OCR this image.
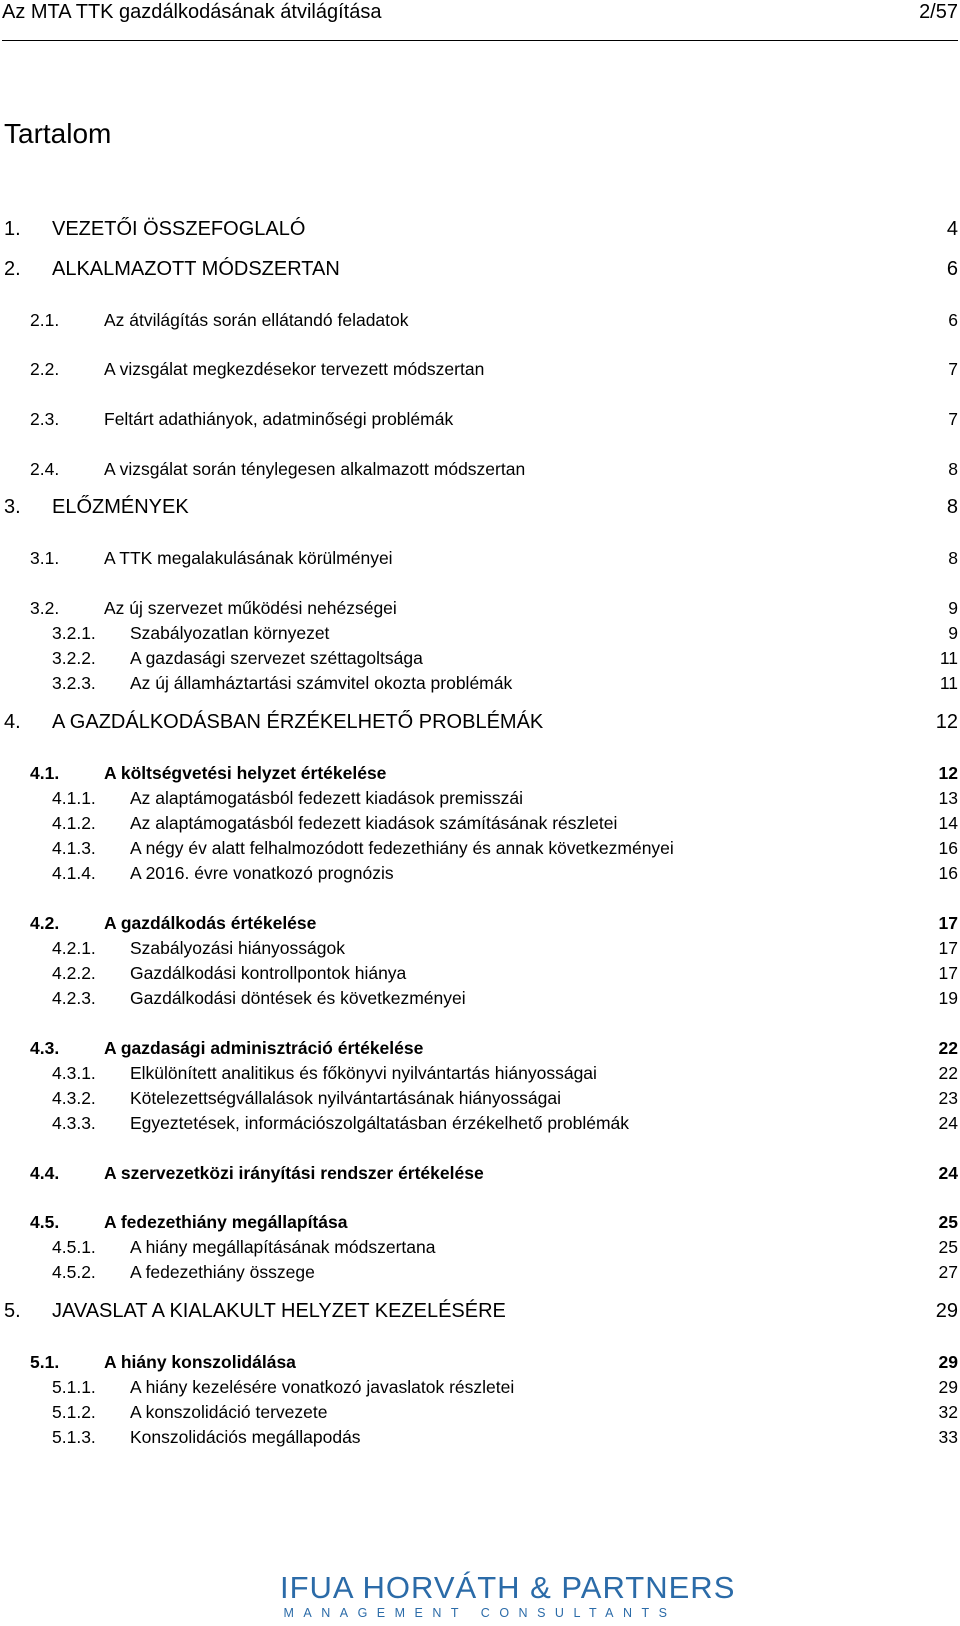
Az MTA TTK gazdálkodásának átvilágítása	2/57
Tartalom
1. VEZETŐI ÖSSZEFOGLALÓ	4
2. ALKALMAZOTT MÓDSZERTAN	6
2.1.	Az átvilágítás során ellátandó feladatok	6
2.2.	A vizsgálat megkezdésekor tervezett módszertan	7
2.3.	Feltárt adathiányok, adatminőségi problémák	7
2.4.	A vizsgálat során ténylegesen alkalmazott módszertan	8
3. ELŐZMÉNYEK	8
3.1.	A TTK megalakulásának körülményei	8
3.2.	Az új szervezet működési nehézségei	9
3.2.1. Szabályozatlan környezet	9
3.2.2. A gazdasági szervezet széttagoltsága	11
3.2.3. Az új államháztartási számvitel okozta problémák	11
4. A GAZDÁLKODÁSBAN ÉRZÉKELHETŐ PROBLÉMÁK	12
4.1.	A költségvetési helyzet értékelése	12
4.1.1. Az alaptámogatásból fedezett kiadások premisszái	13
4.1.2. Az alaptámogatásból fedezett kiadások számításának részletei	14
4.1.3. A négy év alatt felhalmozódott fedezethiány és annak következményei	16
4.1.4. A 2016. évre vonatkozó prognózis	16
4.2.	A gazdálkodás értékelése	17
4.2.1. Szabályozási hiányosságok	17
4.2.2. Gazdálkodási kontrollpontok hiánya	17
4.2.3. Gazdálkodási döntések és következményei	19
4.3.	A gazdasági adminisztráció értékelése	22
4.3.1. Elkülönített analitikus és főkönyvi nyilvántartás hiányosságai	22
4.3.2. Kötelezettségvállalások nyilvántartásának hiányosságai	23
4.3.3. Egyeztetések, információszolgáltatásban érzékelhető problémák	24
4.4.	A szervezetközi irányítási rendszer értékelése	24
4.5.	A fedezethiány megállapítása	25
4.5.1. A hiány megállapításának módszertana	25
4.5.2. A fedezethiány összege	27
5. JAVASLAT A KIALAKULT HELYZET KEZELÉSÉRE	29
5.1.	A hiány konszolidálása	29
5.1.1. A hiány kezelésére vonatkozó javaslatok részletei	29
5.1.2. A konszolidáció tervezete	32
5.1.3. Konszolidációs megállapodás	33
IFUA HORVÁTH & PARTNERS
MANAGEMENT CONSULTANTS
